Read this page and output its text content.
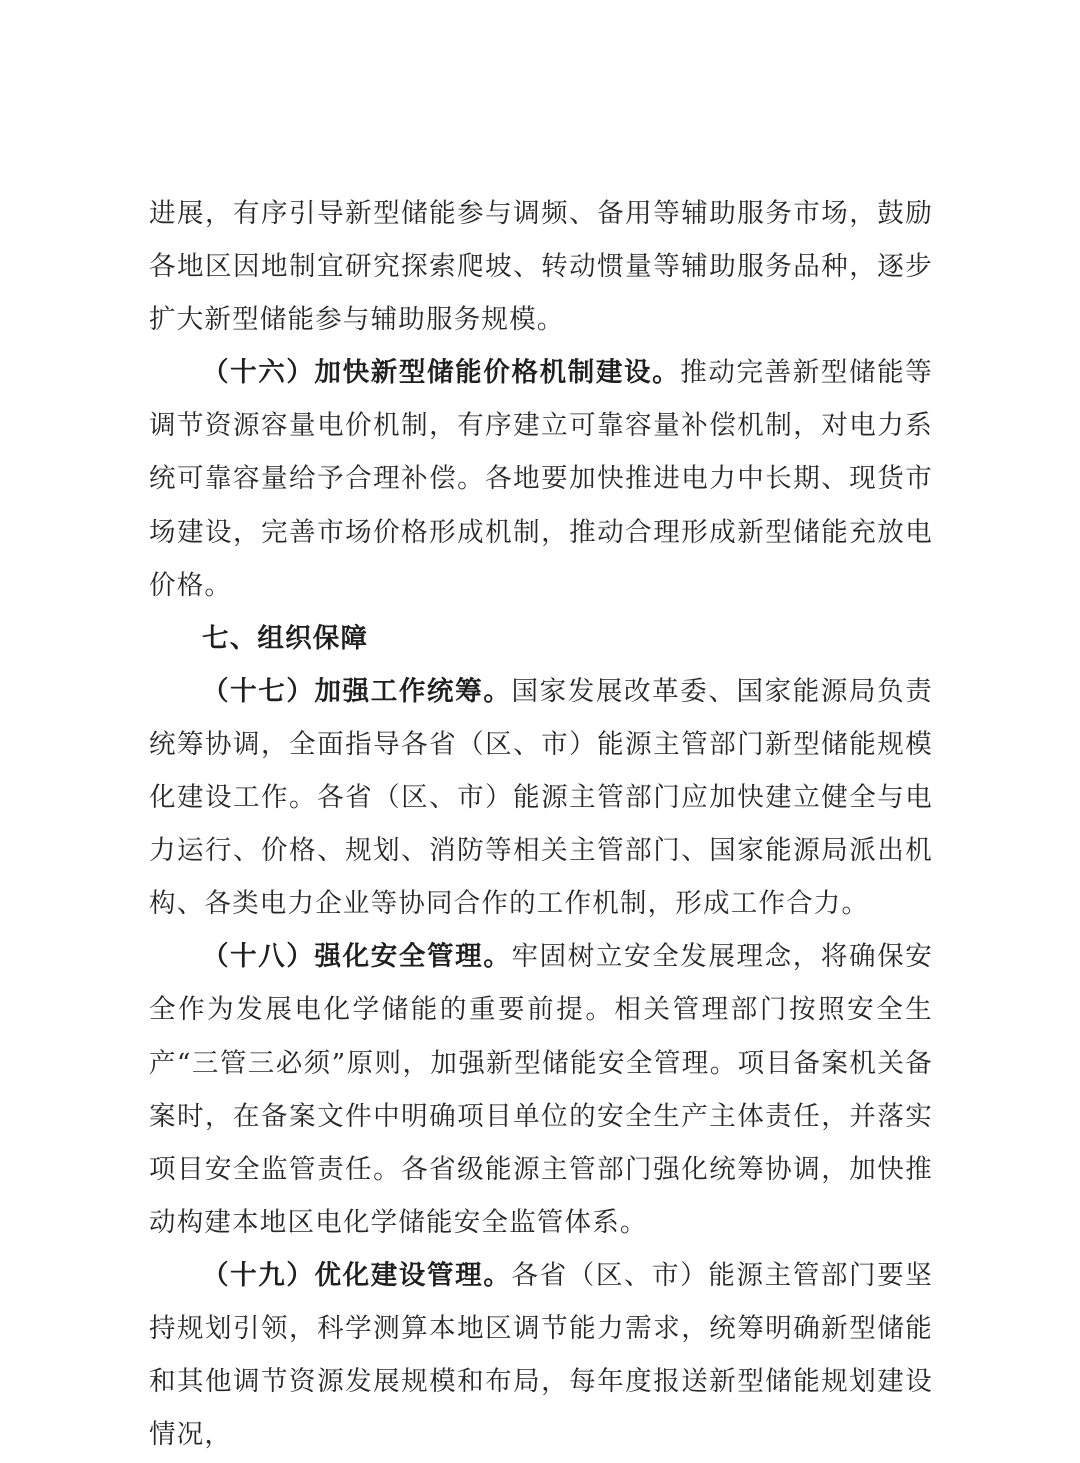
进展，有序引导新型储能参与调频、备用等辅助服务市场，鼓励各地区因地制宜研究探索爬坡、转动惯量等辅助服务品种，逐步扩大新型储能参与辅助服务规模。

（十六）加快新型储能价格机制建设。推动完善新型储能等调节资源容量电价机制，有序建立可靠容量补偿机制，对电力系统可靠容量给予合理补偿。各地要加快推进电力中长期、现货市场建设，完善市场价格形成机制，推动合理形成新型储能充放电价格。

七、组织保障

（十七）加强工作统筹。国家发展改革委、国家能源局负责统筹协调，全面指导各省（区、市）能源主管部门新型储能规模化建设工作。各省（区、市）能源主管部门应加快建立健全与电力运行、价格、规划、消防等相关主管部门、国家能源局派出机构、各类电力企业等协同合作的工作机制，形成工作合力。

（十八）强化安全管理。牢固树立安全发展理念，将确保安全作为发展电化学储能的重要前提。相关管理部门按照安全生产“三管三必须”原则，加强新型储能安全管理。项目备案机关备案时，在备案文件中明确项目单位的安全生产主体责任，并落实项目安全监管责任。各省级能源主管部门强化统筹协调，加快推动构建本地区电化学储能安全监管体系。

（十九）优化建设管理。各省（区、市）能源主管部门要坚持规划引领，科学测算本地区调节能力需求，统筹明确新型储能和其他调节资源发展规模和布局，每年度报送新型储能规划建设情况，
